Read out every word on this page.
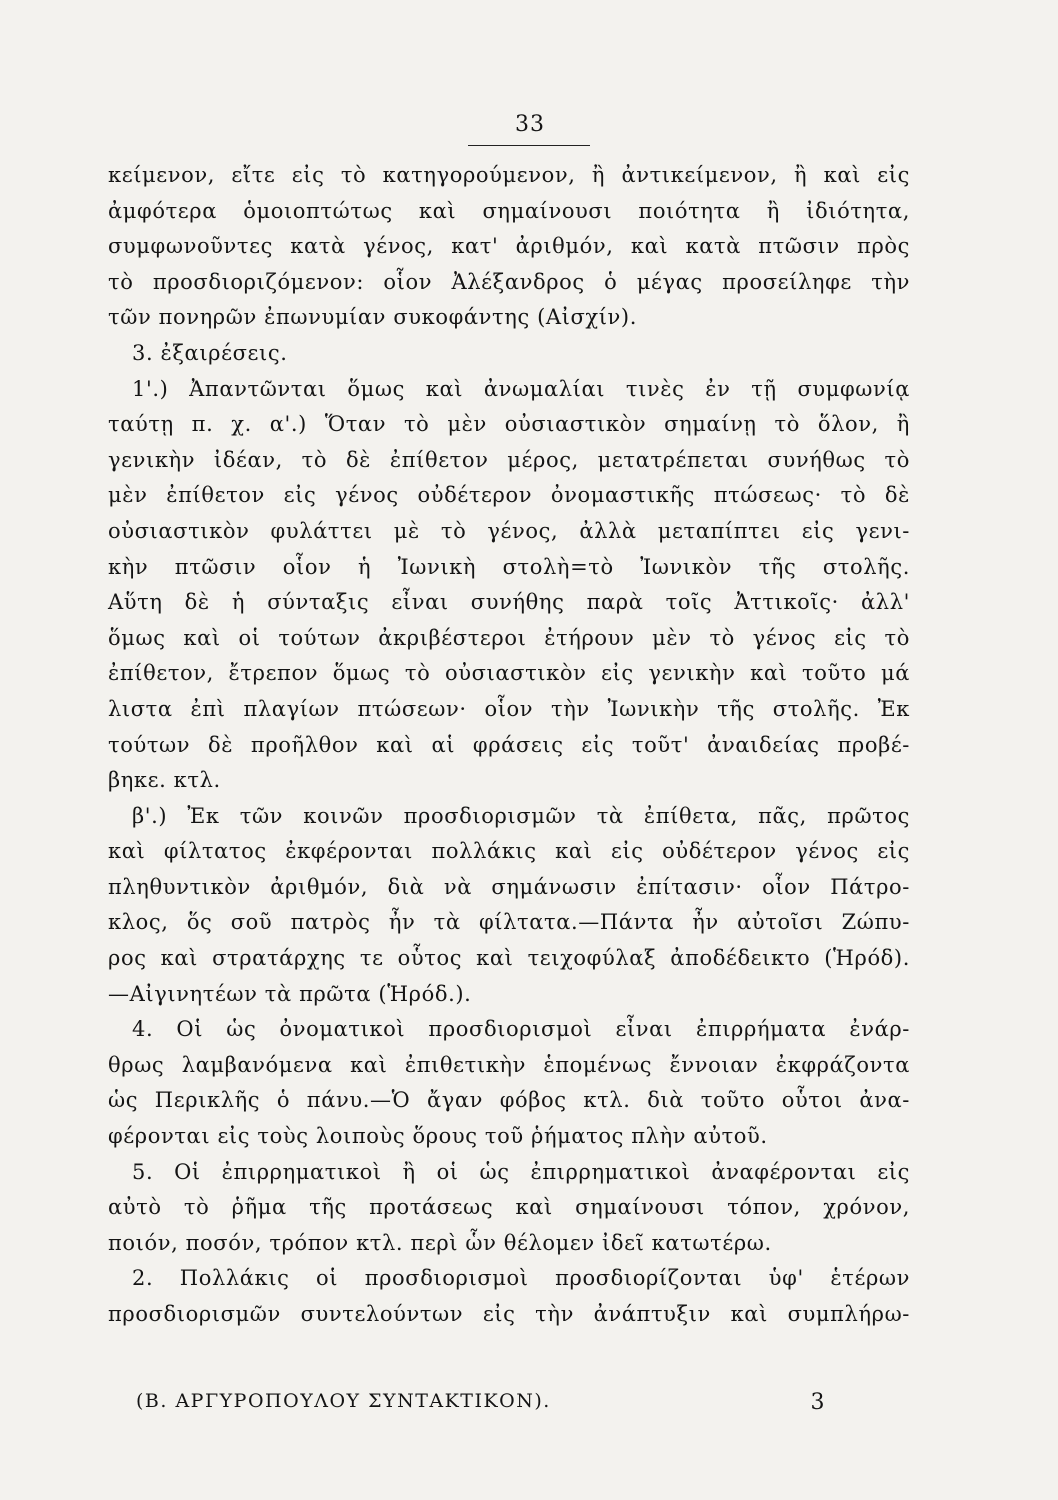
33
κείμενον, εἴτε εἰς τὸ κατηγορούμενον, ἢ ἀντικείμενον, ἢ καὶ εἰς
ἀμφότερα ὁμοιοπτώτως καὶ σημαίνουσι ποιότητα ἢ ἰδιότητα,
συμφωνοῦντες κατὰ γένος, κατ' ἀριθμόν, καὶ κατὰ πτῶσιν πρὸς
τὸ προσδιοριζόμενον: οἷον Ἀλέξανδρος ὁ μέγας προσείληφε τὴν
τῶν πονηρῶν ἐπωνυμίαν συκοφάντης (Αἰσχίν).
3. ἐξαιρέσεις.
1'.) Ἀπαντῶνται ὅμως καὶ ἀνωμαλίαι τινὲς ἐν τῇ συμφωνίᾳ
ταύτῃ π. χ. α'.) Ὅταν τὸ μὲν οὐσιαστικὸν σημαίνῃ τὸ ὅλον, ἢ
γενικὴν ἰδέαν, τὸ δὲ ἐπίθετον μέρος, μετατρέπεται συνήθως τὸ
μὲν ἐπίθετον εἰς γένος οὐδέτερον ὀνομαστικῆς πτώσεως· τὸ δὲ
οὐσιαστικὸν φυλάττει μὲ τὸ γένος, ἀλλὰ μεταπίπτει εἰς γενι-
κὴν πτῶσιν οἷον ἡ Ἰωνικὴ στολὴ=τὸ Ἰωνικὸν τῆς στολῆς.
Αὕτη δὲ ἡ σύνταξις εἶναι συνήθης παρὰ τοῖς Ἀττικοῖς· ἀλλ'
ὅμως καὶ οἱ τούτων ἀκριβέστεροι ἐτήρουν μὲν τὸ γένος εἰς τὸ
ἐπίθετον, ἔτρεπον ὅμως τὸ οὐσιαστικὸν εἰς γενικὴν καὶ τοῦτο μά
λιστα ἐπὶ πλαγίων πτώσεων· οἷον τὴν Ἰωνικὴν τῆς στολῆς. Ἐκ
τούτων δὲ προῆλθον καὶ αἱ φράσεις εἰς τοῦτ' ἀναιδείας προβέ-
βηκε. κτλ.
β'.) Ἐκ τῶν κοινῶν προσδιορισμῶν τὰ ἐπίθετα, πᾶς, πρῶτος
καὶ φίλτατος ἐκφέρονται πολλάκις καὶ εἰς οὐδέτερον γένος εἰς
πληθυντικὸν ἀριθμόν, διὰ νὰ σημάνωσιν ἐπίτασιν· οἷον Πάτρο-
κλος, ὅς σοῦ πατρὸς ἦν τὰ φίλτατα.—Πάντα ἦν αὐτοῖσι Ζώπυ-
ρος καὶ στρατάρχης τε οὗτος καὶ τειχοφύλαξ ἀποδέδεικτο (Ἡρόδ).
—Αἰγινητέων τὰ πρῶτα (Ἡρόδ.).
4. Οἱ ὡς ὀνοματικοὶ προσδιορισμοὶ εἶναι ἐπιρρήματα ἐνάρ-
θρως λαμβανόμενα καὶ ἐπιθετικὴν ἑπομένως ἔννοιαν ἐκφράζοντα
ὡς Περικλῆς ὁ πάνυ.—Ὁ ἄγαν φόβος κτλ. διὰ τοῦτο οὗτοι ἀνα-
φέρονται εἰς τοὺς λοιποὺς ὅρους τοῦ ῥήματος πλὴν αὐτοῦ.
5. Οἱ ἐπιρρηματικοὶ ἢ οἱ ὡς ἐπιρρηματικοὶ ἀναφέρονται εἰς
αὐτὸ τὸ ῥῆμα τῆς προτάσεως καὶ σημαίνουσι τόπον, χρόνον,
ποιόν, ποσόν, τρόπον κτλ. περὶ ὧν θέλομεν ἰδεῖ κατωτέρω.
2. Πολλάκις οἱ προσδιορισμοὶ προσδιορίζονται ὑφ' ἑτέρων
προσδιορισμῶν συντελούντων εἰς τὴν ἀνάπτυξιν καὶ συμπλήρω-
(Β. ΑΡΓΥΡΟΠΟΥΛΟΥ ΣΥΝΤΑΚΤΙΚΟΝ).	3
